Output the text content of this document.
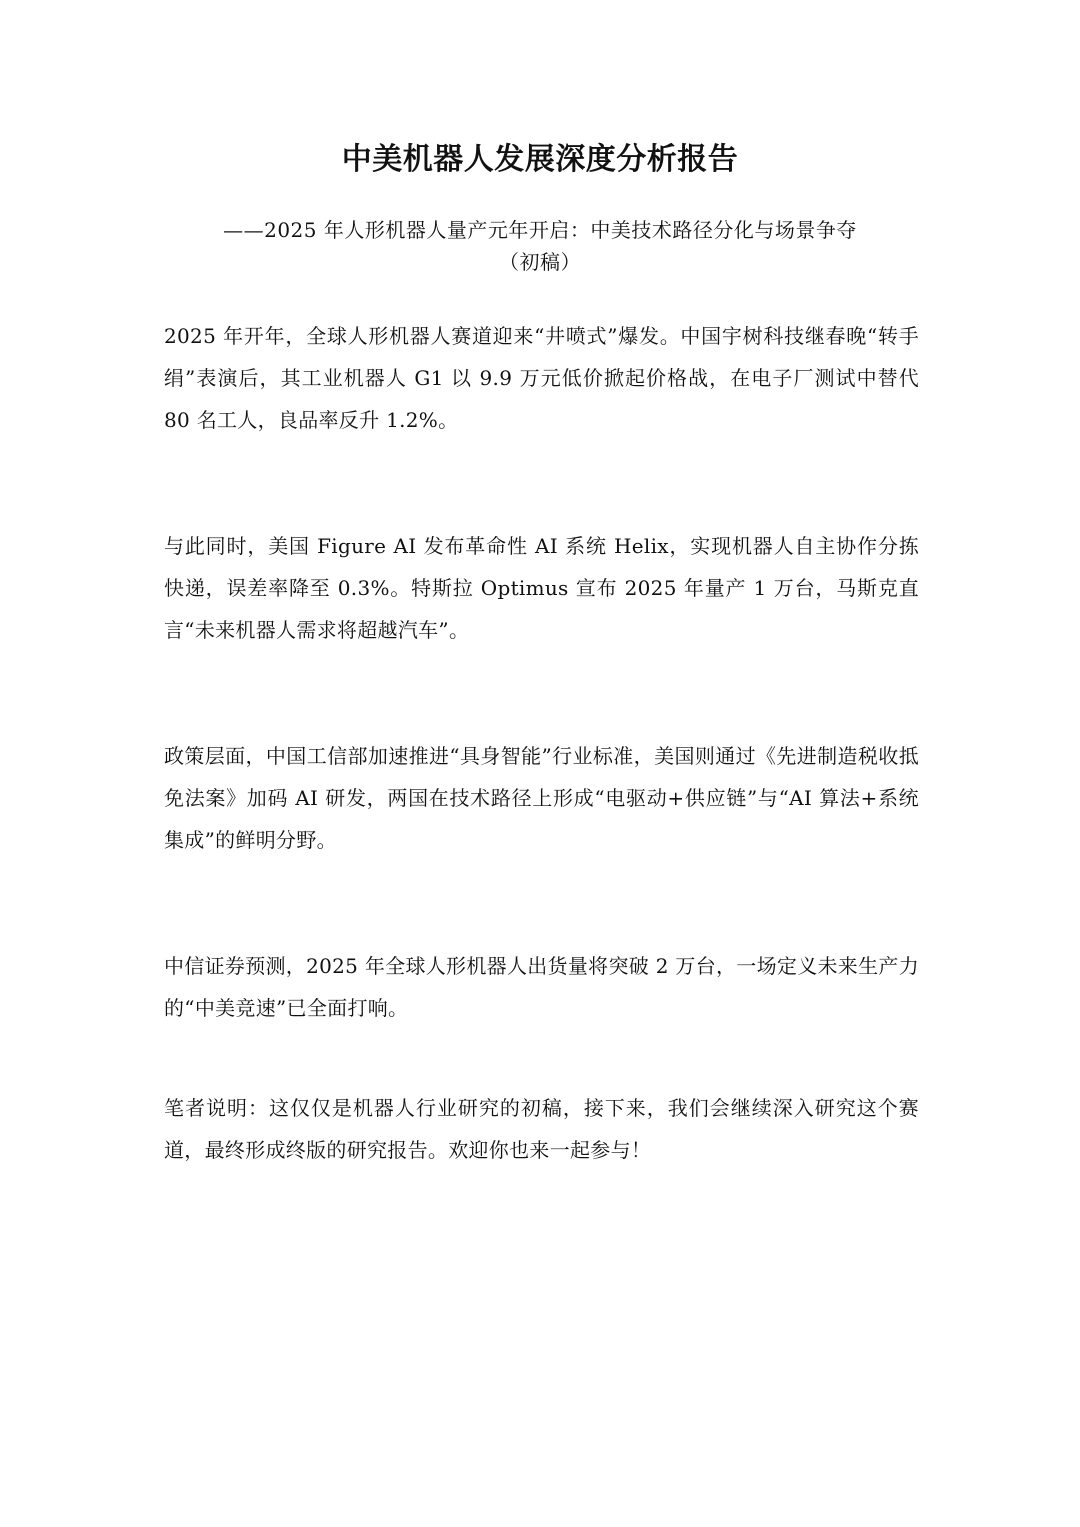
中美机器人发展深度分析报告
——2025 年人形机器人量产元年开启：中美技术路径分化与场景争夺
（初稿）

2025 年开年，全球人形机器人赛道迎来“井喷式”爆发。中国宇树科技继春晚“转手绢”表演后，其工业机器人 G1 以 9.9 万元低价掀起价格战，在电子厂测试中替代 80 名工人，良品率反升 1.2%。

与此同时，美国 Figure AI 发布革命性 AI 系统 Helix，实现机器人自主协作分拣快递，误差率降至 0.3%。特斯拉 Optimus 宣布 2025 年量产 1 万台，马斯克直言“未来机器人需求将超越汽车”。

政策层面，中国工信部加速推进“具身智能”行业标准，美国则通过《先进制造税收抵免法案》加码 AI 研发，两国在技术路径上形成“电驱动+供应链”与“AI 算法+系统集成”的鲜明分野。

中信证券预测，2025 年全球人形机器人出货量将突破 2 万台，一场定义未来生产力的“中美竞速”已全面打响。

笔者说明：这仅仅是机器人行业研究的初稿，接下来，我们会继续深入研究这个赛道，最终形成终版的研究报告。欢迎你也来一起参与！
